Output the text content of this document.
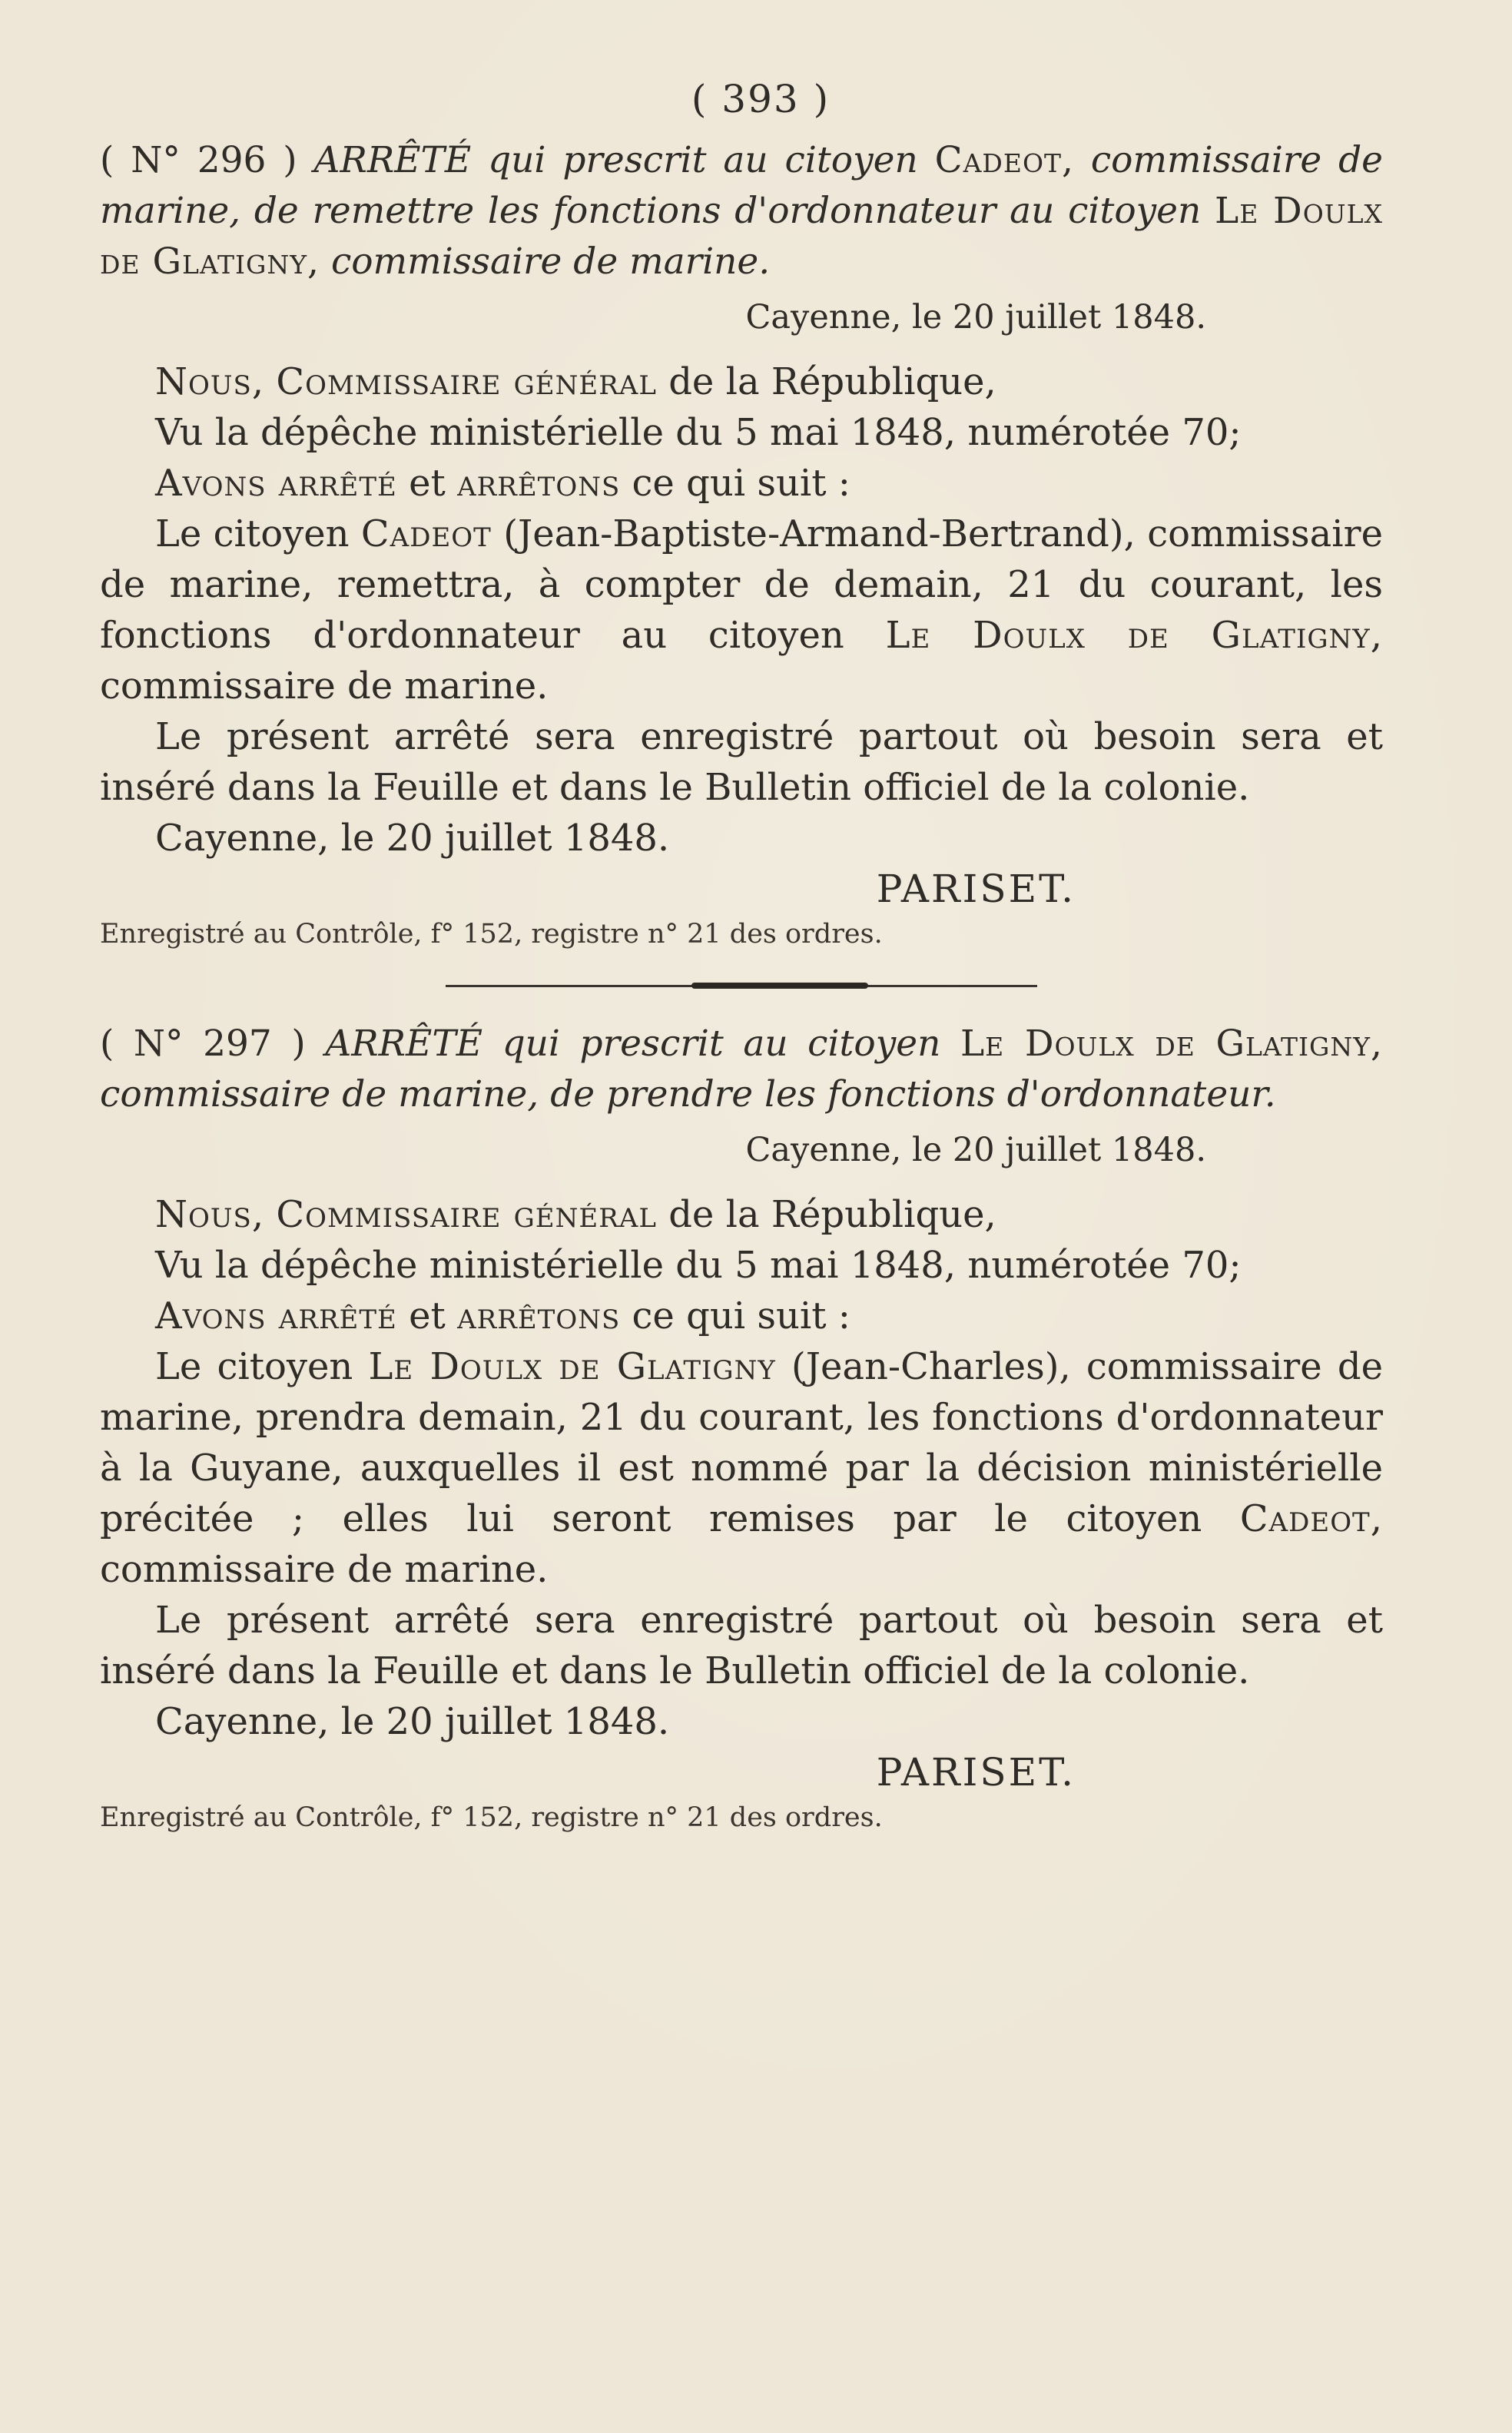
( 393 )

( N° 296 ) ARRÊTÉ qui prescrit au citoyen Cadeot, commissaire de marine, de remettre les fonctions d'ordonnateur au citoyen Le Doulx de Glatigny, commissaire de marine.

Cayenne, le 20 juillet 1848.

Nous, Commissaire général de la République,

Vu la dépêche ministérielle du 5 mai 1848, numérotée 70;

Avons arrêté et arrêtons ce qui suit :

Le citoyen Cadeot (Jean-Baptiste-Armand-Bertrand), commissaire de marine, remettra, à compter de demain, 21 du courant, les fonctions d'ordonnateur au citoyen Le Doulx de Glatigny, commissaire de marine.

Le présent arrêté sera enregistré partout où besoin sera et inséré dans la Feuille et dans le Bulletin officiel de la colonie.

Cayenne, le 20 juillet 1848.

PARISET.
Enregistré au Contrôle, f° 152, registre n° 21 des ordres.

( N° 297 ) ARRÊTÉ qui prescrit au citoyen Le Doulx de Glatigny, commissaire de marine, de prendre les fonctions d'ordonnateur.

Cayenne, le 20 juillet 1848.

Nous, Commissaire général de la République,

Vu la dépêche ministérielle du 5 mai 1848, numérotée 70;

Avons arrêté et arrêtons ce qui suit :

Le citoyen Le Doulx de Glatigny (Jean-Charles), commissaire de marine, prendra demain, 21 du courant, les fonctions d'ordonnateur à la Guyane, auxquelles il est nommé par la décision ministérielle précitée ; elles lui seront remises par le citoyen Cadeot, commissaire de marine.

Le présent arrêté sera enregistré partout où besoin sera et inséré dans la Feuille et dans le Bulletin officiel de la colonie.

Cayenne, le 20 juillet 1848.

PARISET.
Enregistré au Contrôle, f° 152, registre n° 21 des ordres.
